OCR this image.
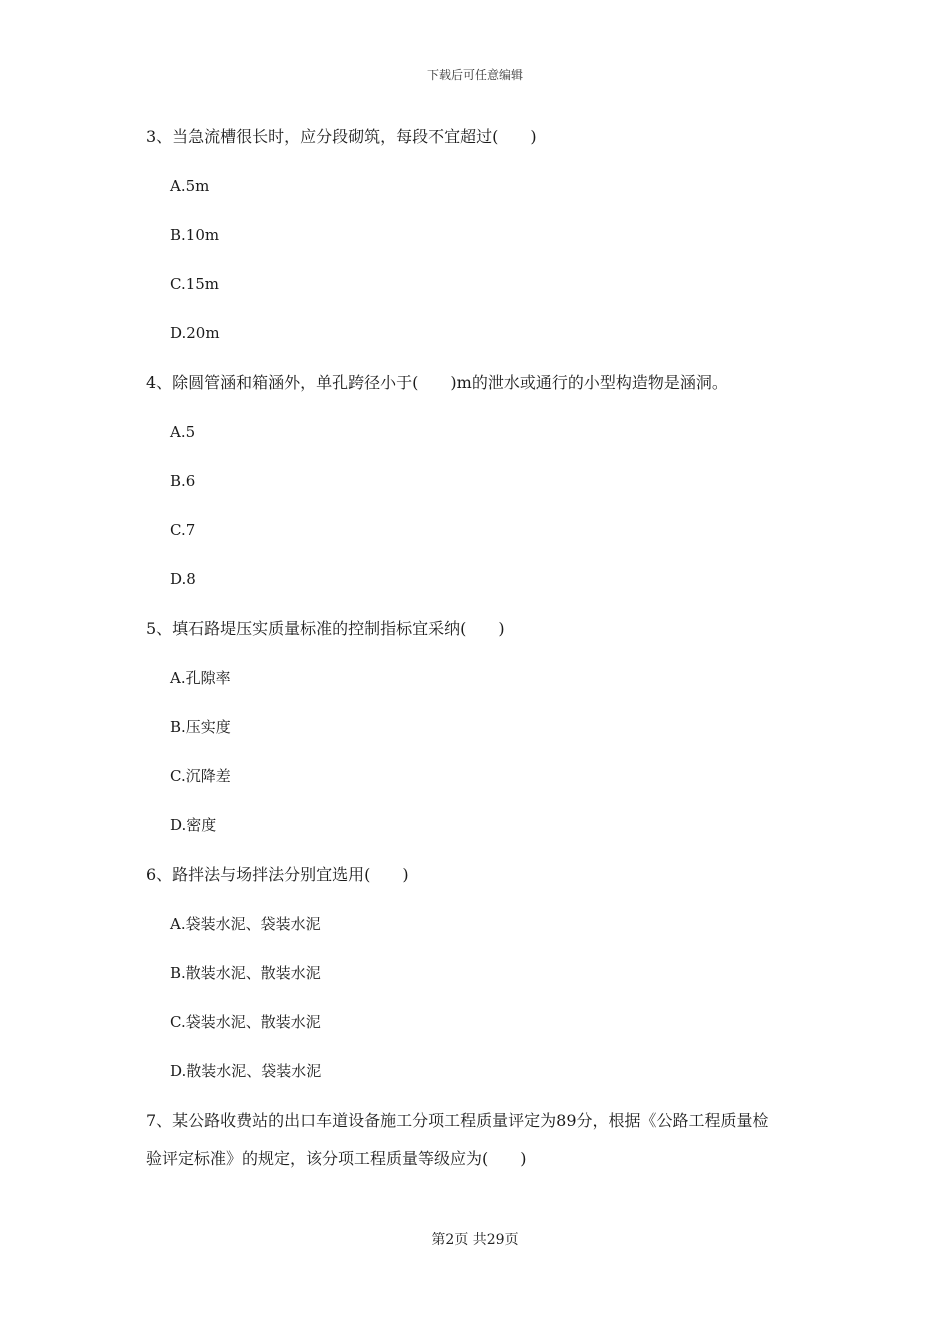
下载后可任意编辑
3、当急流槽很长时，应分段砌筑，每段不宜超过(　　)
A.5m
B.10m
C.15m
D.20m
4、除圆管涵和箱涵外，单孔跨径小于(　　)m的泄水或通行的小型构造物是涵洞。
A.5
B.6
C.7
D.8
5、填石路堤压实质量标准的控制指标宜采纳(　　)
A.孔隙率
B.压实度
C.沉降差
D.密度
6、路拌法与场拌法分别宜选用(　　)
A.袋装水泥、袋装水泥
B.散装水泥、散装水泥
C.袋装水泥、散装水泥
D.散装水泥、袋装水泥
7、某公路收费站的出口车道设备施工分项工程质量评定为89分，根据《公路工程质量检
验评定标准》的规定，该分项工程质量等级应为(　　)
第2页 共29页
